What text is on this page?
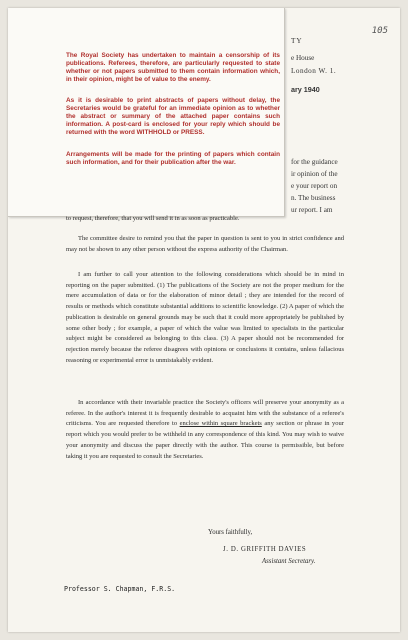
105
TY
e House
London W. 1.
ary 1940
for the guidance
ir opinion of the
e your report on
n. The business
ur report. I am

The Royal Society has undertaken to maintain a censorship of its publications. Referees, therefore, are particularly requested to state whether or not papers submitted to them contain information which, in their opinion, might be of value to the enemy.

As it is desirable to print abstracts of papers without delay, the Secretaries would be grateful for an immediate opinion as to whether the abstract or summary of the attached paper contains such information. A post-card is enclosed for your reply which should be returned with the word WITHHOLD or PRESS.

Arrangements will be made for the printing of papers which contain such information, and for their publication after the war.

to request, therefore, that you will send it in as soon as practicable.
The committee desire to remind you that the paper in question is sent to you in strict confidence and may not be shown to any other person without the express authority of the Chairman.
I am further to call your attention to the following considerations which should be in mind in reporting on the paper submitted. (1) The publications of the Society are not the proper medium for the mere accumulation of data or for the elaboration of minor detail ; they are intended for the record of results or methods which constitute substantial additions to scientific knowledge. (2) A paper of which the publication is desirable on general grounds may be such that it could more appropriately be published by some other body ; for example, a paper of which the value was limited to specialists in the particular subject might be considered as belonging to this class. (3) A paper should not be recommended for rejection merely because the referee disagrees with opinions or conclusions it contains, unless fallacious reasoning or experimental error is unmistakably evident.
In accordance with their invariable practice the Society's officers will preserve your anonymity as a referee. In the author's interest it is frequently desirable to acquaint him with the substance of a referee's criticisms. You are requested therefore to enclose within square brackets any section or phrase in your report which you would prefer to be withheld in any correspondence of this kind. You may wish to waive your anonymity and discuss the paper directly with the author. This course is permissible, but before taking it you are requested to consult the Secretaries.
Yours faithfully,
J. D. GRIFFITH DAVIES
Assistant Secretary.
Professor S. Chapman, F.R.S.
